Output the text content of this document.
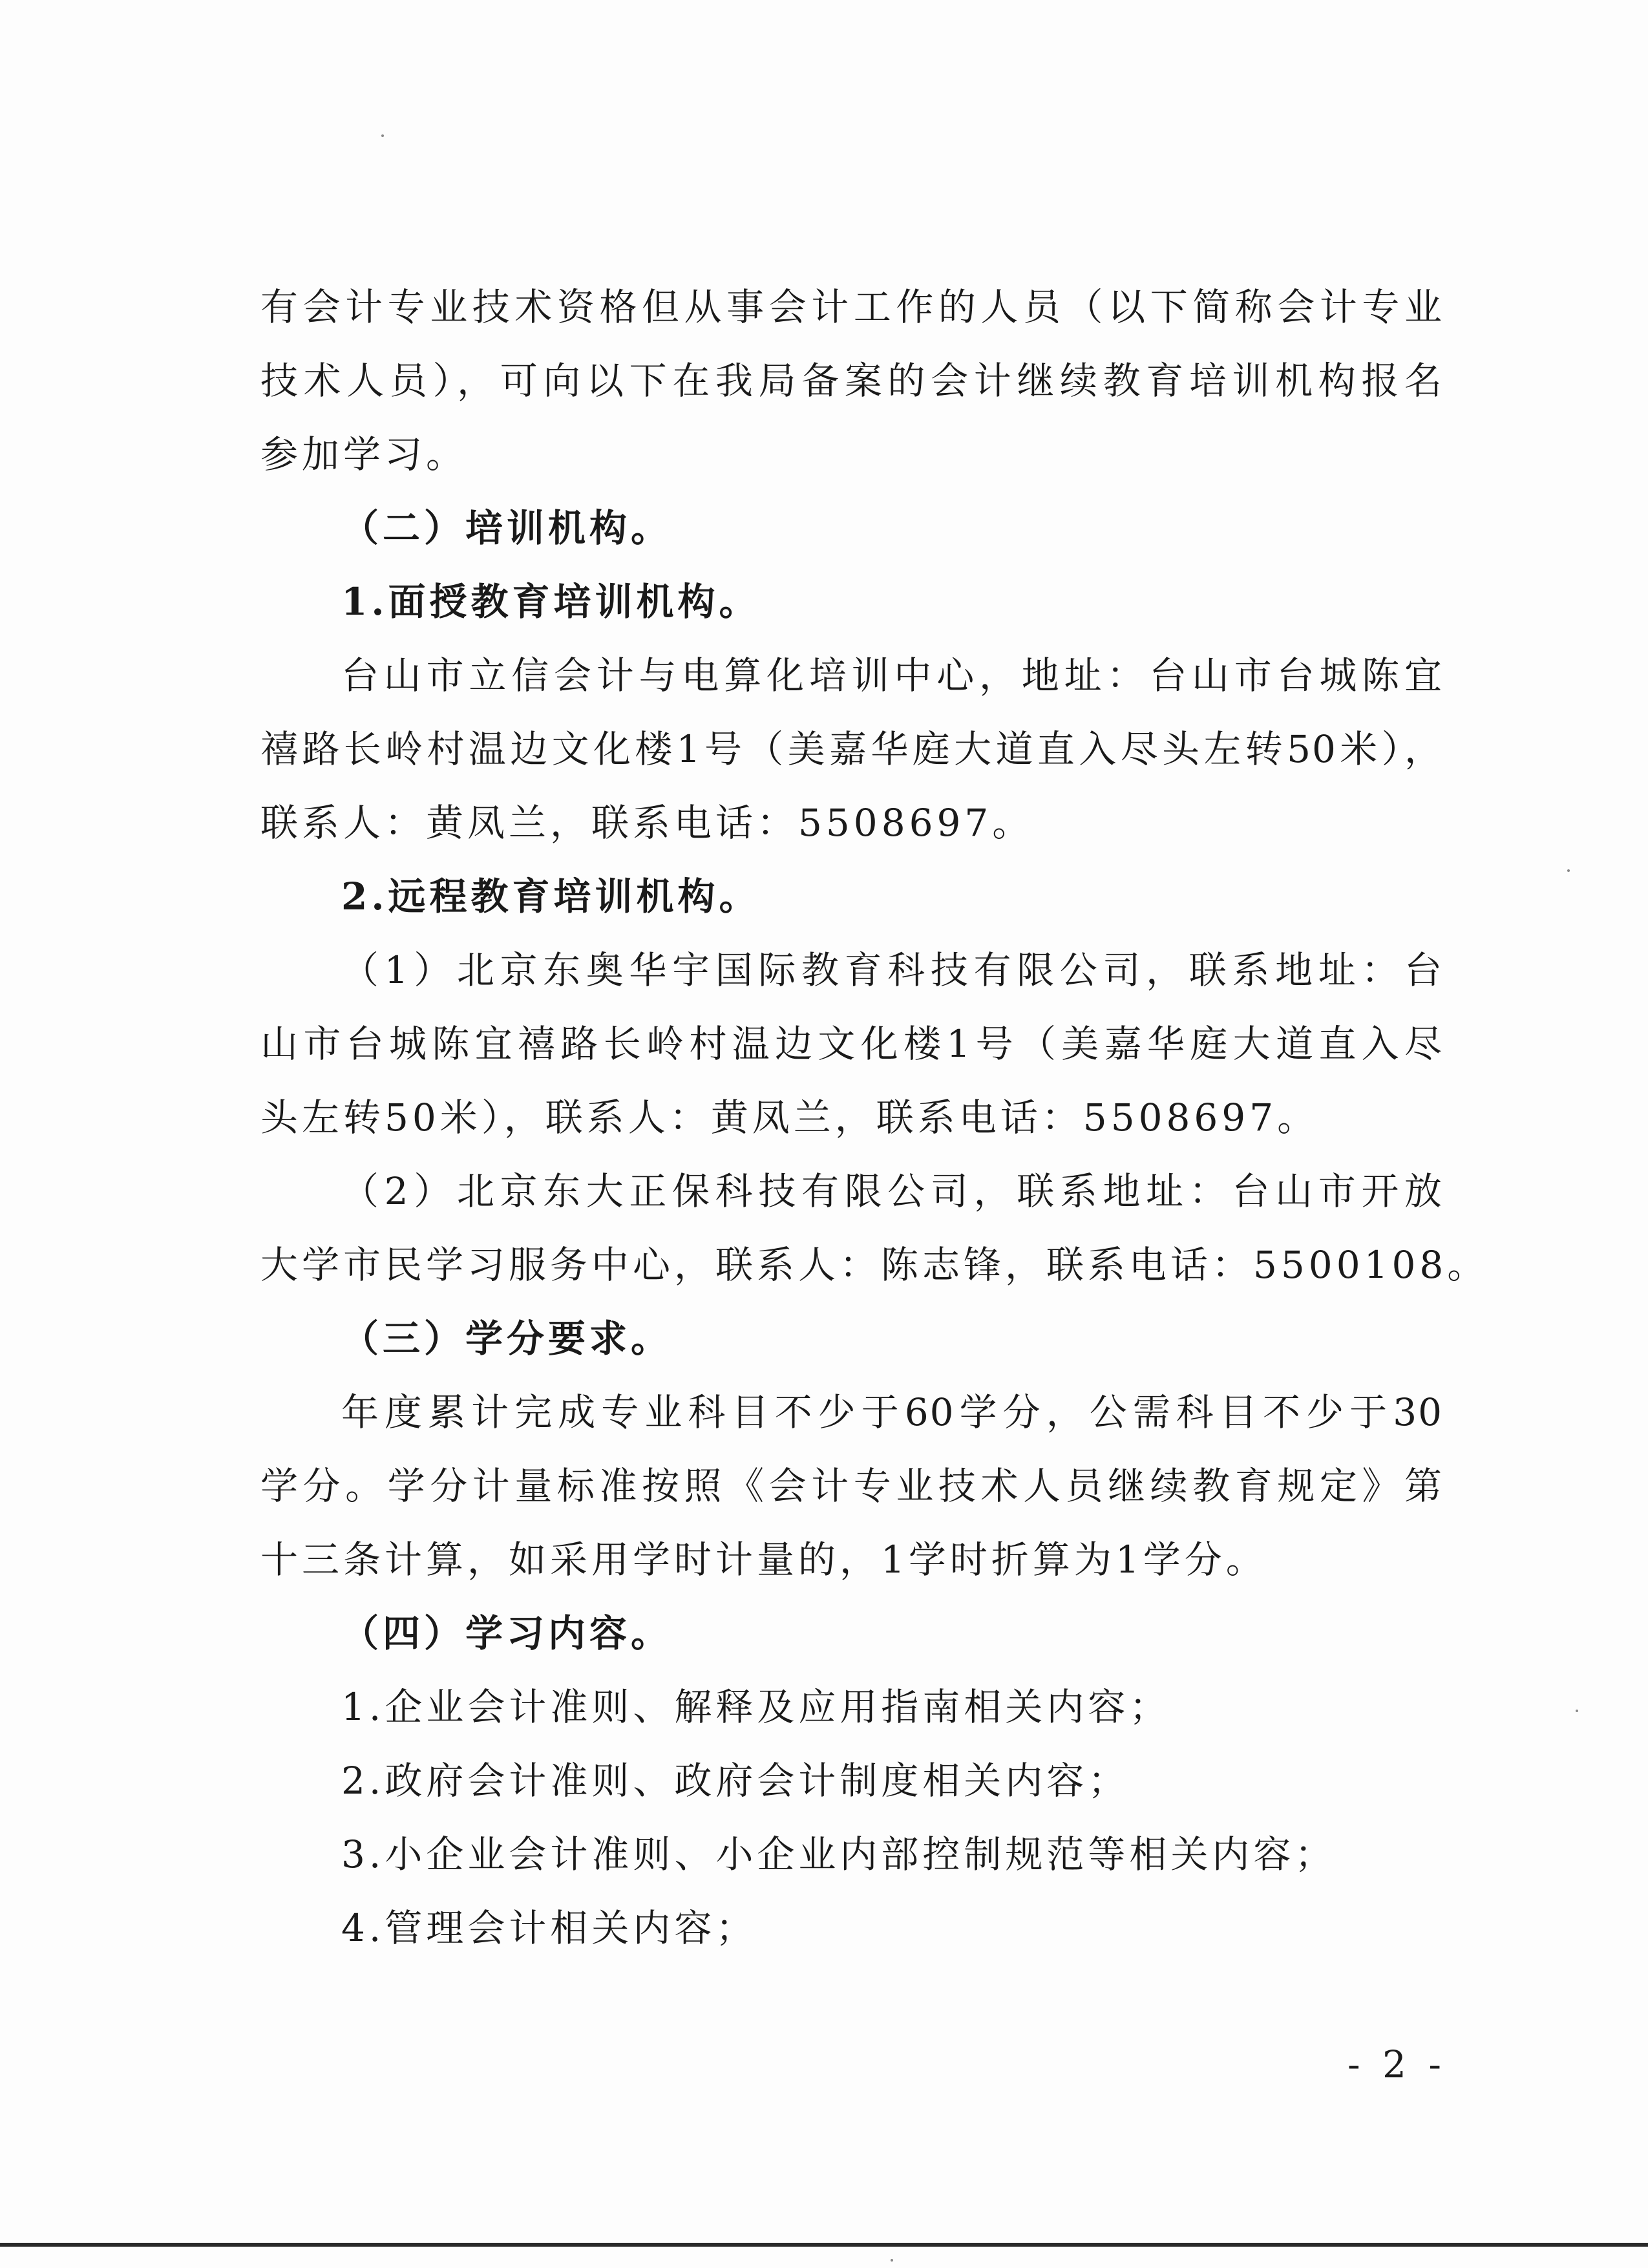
有会计专业技术资格但从事会计工作的人员（以下简称会计专业
技术人员），可向以下在我局备案的会计继续教育培训机构报名
参加学习。
（二）培训机构。
1.面授教育培训机构。
台山市立信会计与电算化培训中心，地址：台山市台城陈宜
禧路长岭村温边文化楼1号（美嘉华庭大道直入尽头左转50米），
联系人：黄凤兰，联系电话：5508697。
2.远程教育培训机构。
（1）北京东奥华宇国际教育科技有限公司，联系地址：台
山市台城陈宜禧路长岭村温边文化楼1号（美嘉华庭大道直入尽
头左转50米），联系人：黄凤兰，联系电话：5508697。
（2）北京东大正保科技有限公司，联系地址：台山市开放
大学市民学习服务中心，联系人：陈志锋，联系电话：5500108。
（三）学分要求。
年度累计完成专业科目不少于60学分，公需科目不少于30
学分。学分计量标准按照《会计专业技术人员继续教育规定》第
十三条计算，如采用学时计量的，1学时折算为1学分。
（四）学习内容。
1.企业会计准则、解释及应用指南相关内容；
2.政府会计准则、政府会计制度相关内容；
3.小企业会计准则、小企业内部控制规范等相关内容；
4.管理会计相关内容；
- 2 -
